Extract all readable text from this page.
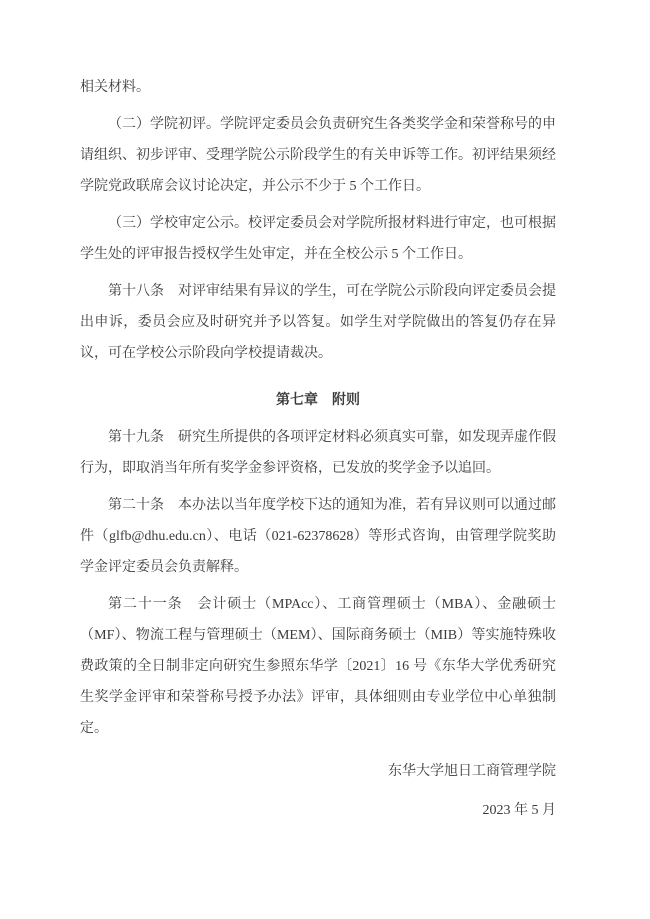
相关材料。

（二）学院初评。学院评定委员会负责研究生各类奖学金和荣誉称号的申请组织、初步评审、受理学院公示阶段学生的有关申诉等工作。初评结果须经学院党政联席会议讨论决定，并公示不少于 5 个工作日。

（三）学校审定公示。校评定委员会对学院所报材料进行审定，也可根据学生处的评审报告授权学生处审定，并在全校公示 5 个工作日。

第十八条　对评审结果有异议的学生，可在学院公示阶段向评定委员会提出申诉，委员会应及时研究并予以答复。如学生对学院做出的答复仍存在异议，可在学校公示阶段向学校提请裁决。

第七章　附则

第十九条　研究生所提供的各项评定材料必须真实可靠，如发现弄虚作假行为，即取消当年所有奖学金参评资格，已发放的奖学金予以追回。

第二十条　本办法以当年度学校下达的通知为准，若有异议则可以通过邮件（glfb@dhu.edu.cn）、电话（021-62378628）等形式咨询，由管理学院奖助学金评定委员会负责解释。

第二十一条　会计硕士（MPAcc）、工商管理硕士（MBA）、金融硕士（MF）、物流工程与管理硕士（MEM）、国际商务硕士（MIB）等实施特殊收费政策的全日制非定向研究生参照东华学〔2021〕16 号《东华大学优秀研究生奖学金评审和荣誉称号授予办法》评审，具体细则由专业学位中心单独制定。

东华大学旭日工商管理学院
2023 年 5 月
